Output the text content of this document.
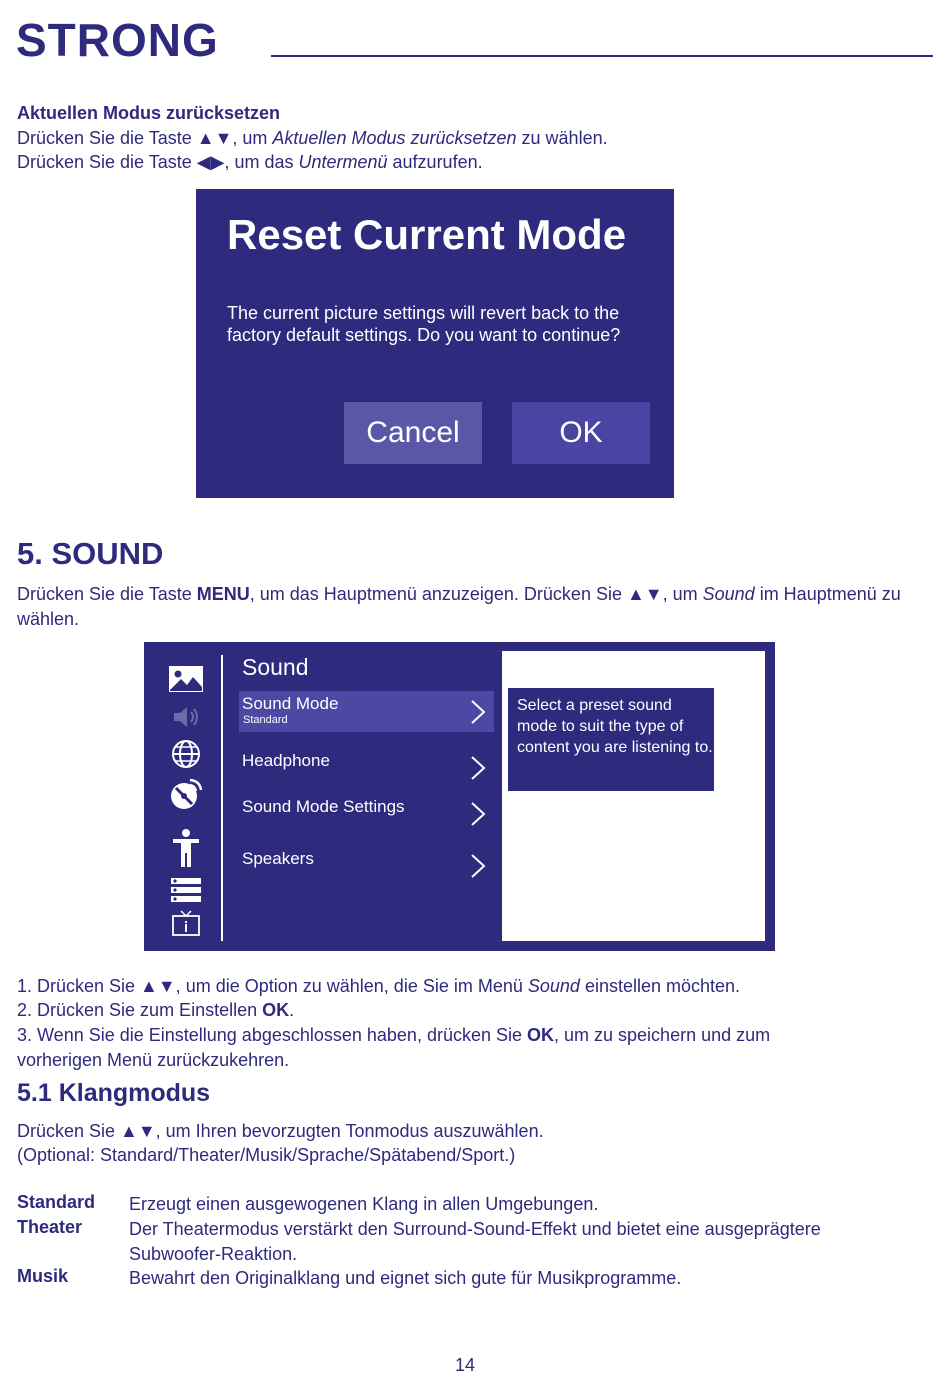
STRONG
Aktuellen Modus zurücksetzen
Drücken Sie die Taste ▲▼, um Aktuellen Modus zurücksetzen zu wählen.
Drücken Sie die Taste ◀▶, um das Untermenü aufzurufen.
Reset Current Mode
The current picture settings will revert back to the factory default settings. Do you want to continue?
Cancel	OK
5. SOUND
Drücken Sie die Taste MENU, um das Hauptmenü anzuzeigen. Drücken Sie ▲▼, um Sound im Hauptmenü zu wählen.
Sound
Sound Mode
Standard
Headphone
Sound Mode Settings
Speakers
Select a preset sound mode to suit the type of content you are listening to.
1. Drücken Sie ▲▼, um die Option zu wählen, die Sie im Menü Sound einstellen möchten.
2. Drücken Sie zum Einstellen OK.
3. Wenn Sie die Einstellung abgeschlossen haben, drücken Sie OK, um zu speichern und zum vorherigen Menü zurückzukehren.
5.1 Klangmodus
Drücken Sie ▲▼, um Ihren bevorzugten Tonmodus auszuwählen.
(Optional: Standard/Theater/Musik/Sprache/Spätabend/Sport.)
Standard Erzeugt einen ausgewogenen Klang in allen Umgebungen.
Theater	Der Theatermodus verstärkt den Surround-Sound-Effekt und bietet eine ausgeprägtere Subwoofer-Reaktion.
Musik	Bewahrt den Originalklang und eignet sich gute für Musikprogramme.
14
